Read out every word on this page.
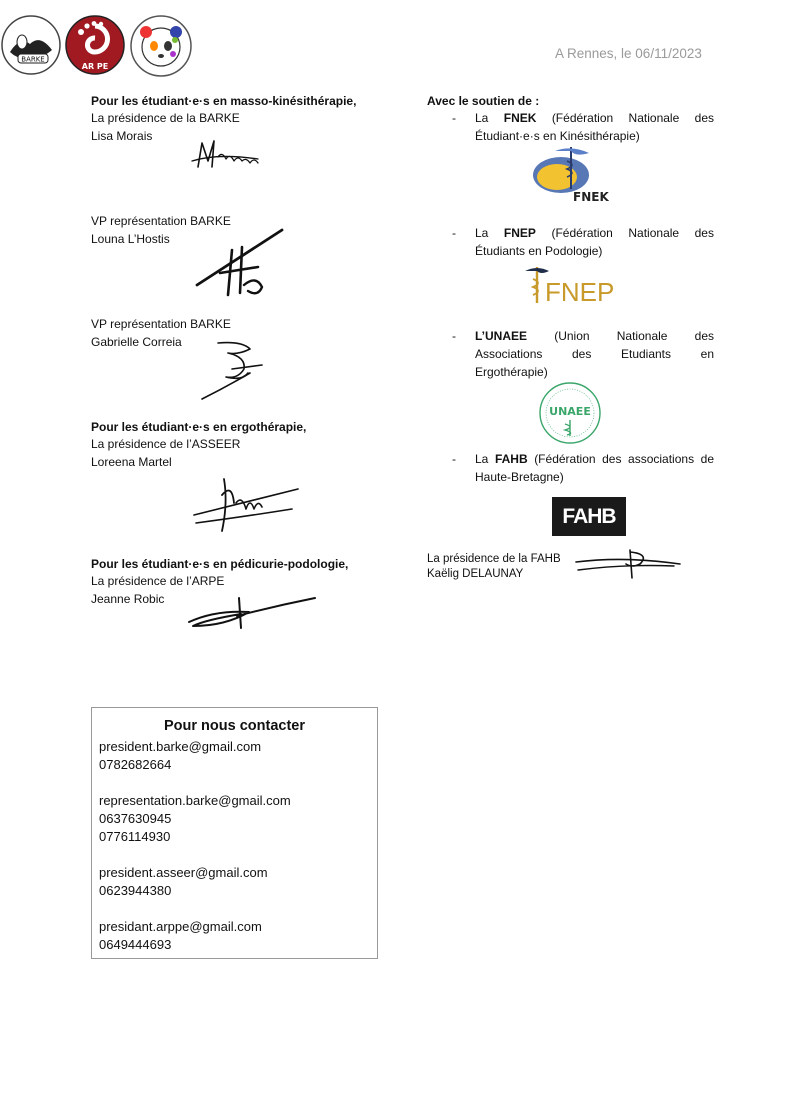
BARKE
AR PE
A Rennes, le 06/11/2023
Pour les étudiant·e·s en masso-kinésithérapie,
La présidence de la BARKE
Lisa Morais
VP représentation BARKE
Louna L’Hostis
VP représentation BARKE
Gabrielle Correia
Pour les étudiant·e·s en ergothérapie,
La présidence de l’ASSEER
Loreena Martel
Pour les étudiant·e·s en pédicurie-podologie,
La présidence de l’ARPE
Jeanne Robic
Avec le soutien de :
- La FNEK (Fédération Nationale des
Étudiant·e·s en Kinésithérapie)
FNEK
- La FNEP (Fédération Nationale des
Étudiants en Podologie)
FNEP
- L’UNAEE (Union Nationale des
Associations des Etudiants en
Ergothérapie)
UNAEE
- La FAHB (Fédération des associations de
Haute-Bretagne)
FAHB
La présidence de la FAHB
Kaëlig DELAUNAY
Pour nous contacter
president.barke@gmail.com
0782682664
representation.barke@gmail.com
0637630945
0776114930
president.asseer@gmail.com
0623944380
presidant.arppe@gmail.com
0649444693
